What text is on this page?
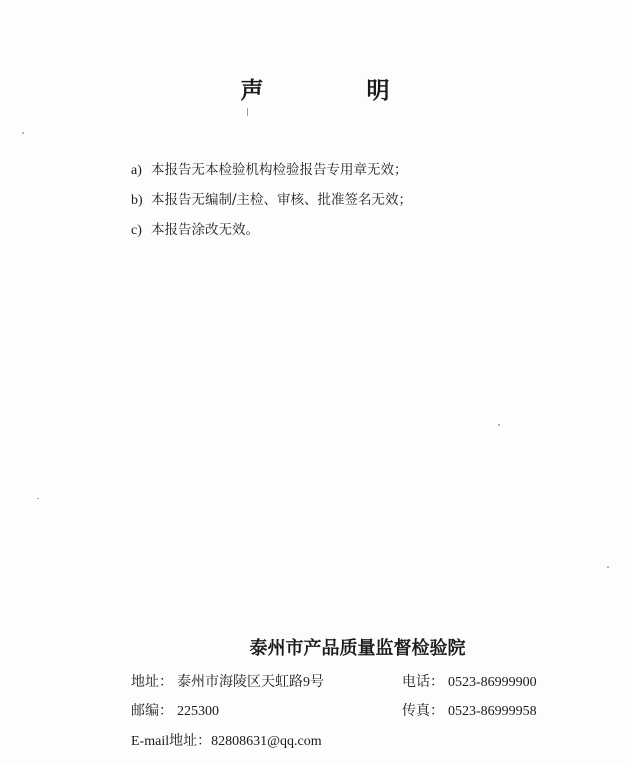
声　明
a) 本报告无本检验机构检验报告专用章无效；
b) 本报告无编制/主检、审核、批准签名无效；
c) 本报告涂改无效。
泰州市产品质量监督检验院
地址： 泰州市海陵区天虹路9号	电话： 0523-86999900
邮编： 225300	传真： 0523-86999958
E-mail地址：82808631@qq.com
